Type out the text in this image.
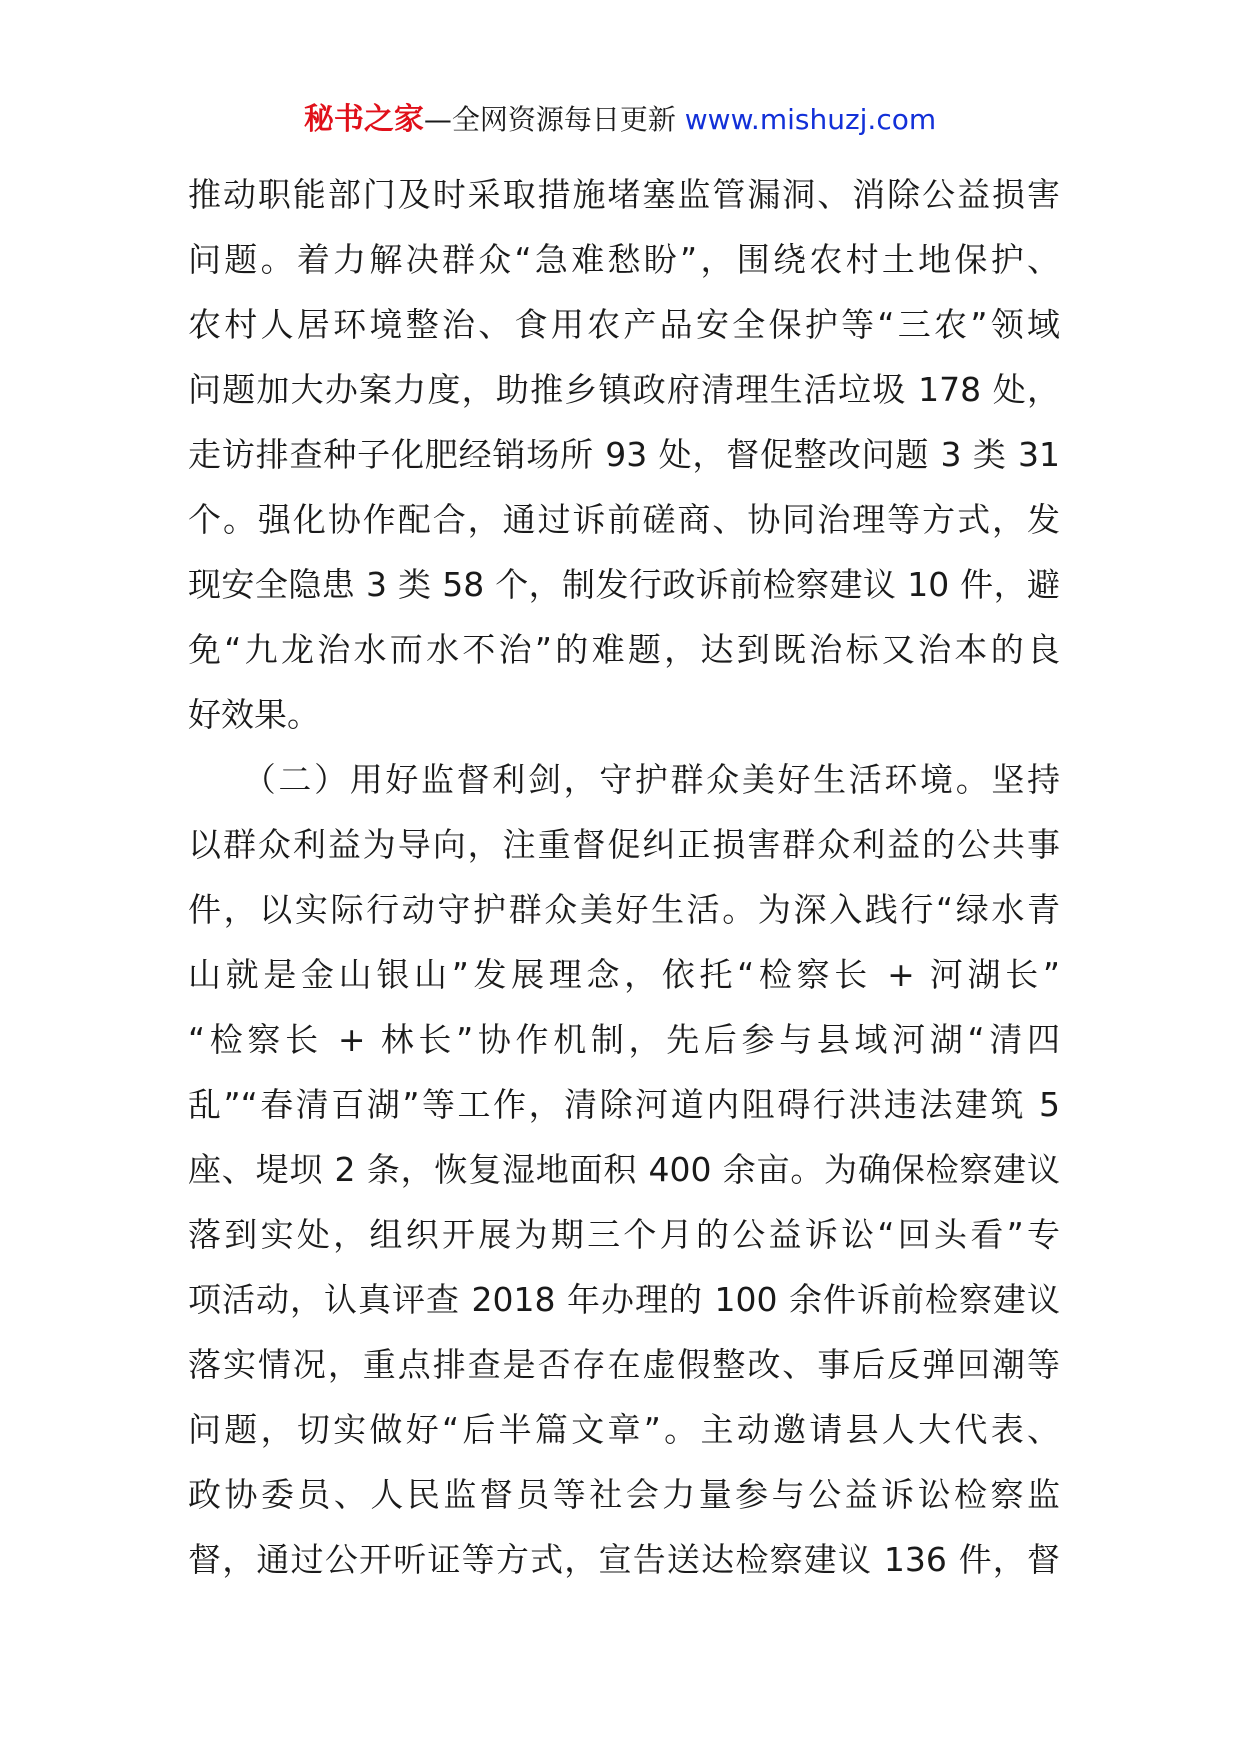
秘书之家—全网资源每日更新 www.mishuzj.com
推动职能部门及时采取措施堵塞监管漏洞、消除公益损害
问题。着力解决群众“急难愁盼”，围绕农村土地保护、
农村人居环境整治、食用农产品安全保护等“三农”领域
问题加大办案力度，助推乡镇政府清理生活垃圾 178 处，
走访排查种子化肥经销场所 93 处，督促整改问题 3 类 31
个。强化协作配合，通过诉前磋商、协同治理等方式，发
现安全隐患 3 类 58 个，制发行政诉前检察建议 10 件，避
免“九龙治水而水不治”的难题，达到既治标又治本的良
好效果。
　　（二）用好监督利剑，守护群众美好生活环境。坚持
以群众利益为导向，注重督促纠正损害群众利益的公共事
件，以实际行动守护群众美好生活。为深入践行“绿水青
山就是金山银山”发展理念，依托“检察长 + 河湖长”
“检察长 + 林长”协作机制，先后参与县域河湖“清四
乱”“春清百湖”等工作，清除河道内阻碍行洪违法建筑 5
座、堤坝 2 条，恢复湿地面积 400 余亩。为确保检察建议
落到实处，组织开展为期三个月的公益诉讼“回头看”专
项活动，认真评查 2018 年办理的 100 余件诉前检察建议
落实情况，重点排查是否存在虚假整改、事后反弹回潮等
问题，切实做好“后半篇文章”。主动邀请县人大代表、
政协委员、人民监督员等社会力量参与公益诉讼检察监
督，通过公开听证等方式，宣告送达检察建议 136 件，督
